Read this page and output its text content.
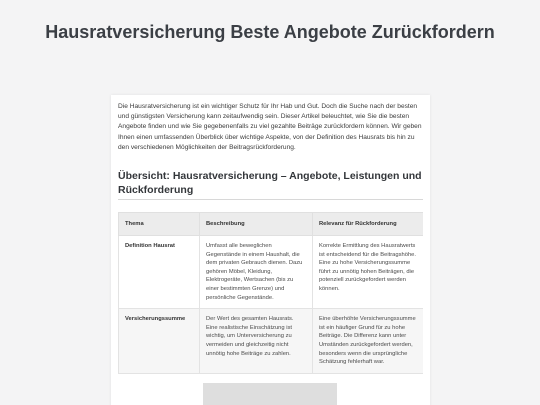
Hausratversicherung Beste Angebote Zurückfordern

Die Hausratversicherung ist ein wichtiger Schutz für Ihr Hab und Gut. Doch die Suche nach der besten und günstigsten Versicherung kann zeitaufwendig sein. Dieser Artikel beleuchtet, wie Sie die besten Angebote finden und wie Sie gegebenenfalls zu viel gezahlte Beiträge zurückfordern können. Wir geben Ihnen einen umfassenden Überblick über wichtige Aspekte, von der Definition des Hausrats bis hin zu den verschiedenen Möglichkeiten der Beitragsrückforderung.

Übersicht: Hausratversicherung – Angebote, Leistungen und Rückforderung
Thema	Beschreibung	Relevanz für Rückforderung
Definition Hausrat	Umfasst alle beweglichen Gegenstände in einem Haushalt, die dem privaten Gebrauch dienen. Dazu gehören Möbel, Kleidung, Elektrogeräte, Wertsachen (bis zu einer bestimmten Grenze) und persönliche Gegenstände.	Korrekte Ermittlung des Hausratwerts ist entscheidend für die Beitragshöhe. Eine zu hohe Versicherungssumme führt zu unnötig hohen Beiträgen, die potenziell zurückgefordert werden können.
Versicherungssumme	Der Wert des gesamten Hausrats. Eine realistische Einschätzung ist wichtig, um Unterversicherung zu vermeiden und gleichzeitig nicht unnötig hohe Beiträge zu zahlen.	Eine überhöhte Versicherungssumme ist ein häufiger Grund für zu hohe Beiträge. Die Differenz kann unter Umständen zurückgefordert werden, besonders wenn die ursprüngliche Schätzung fehlerhaft war.
